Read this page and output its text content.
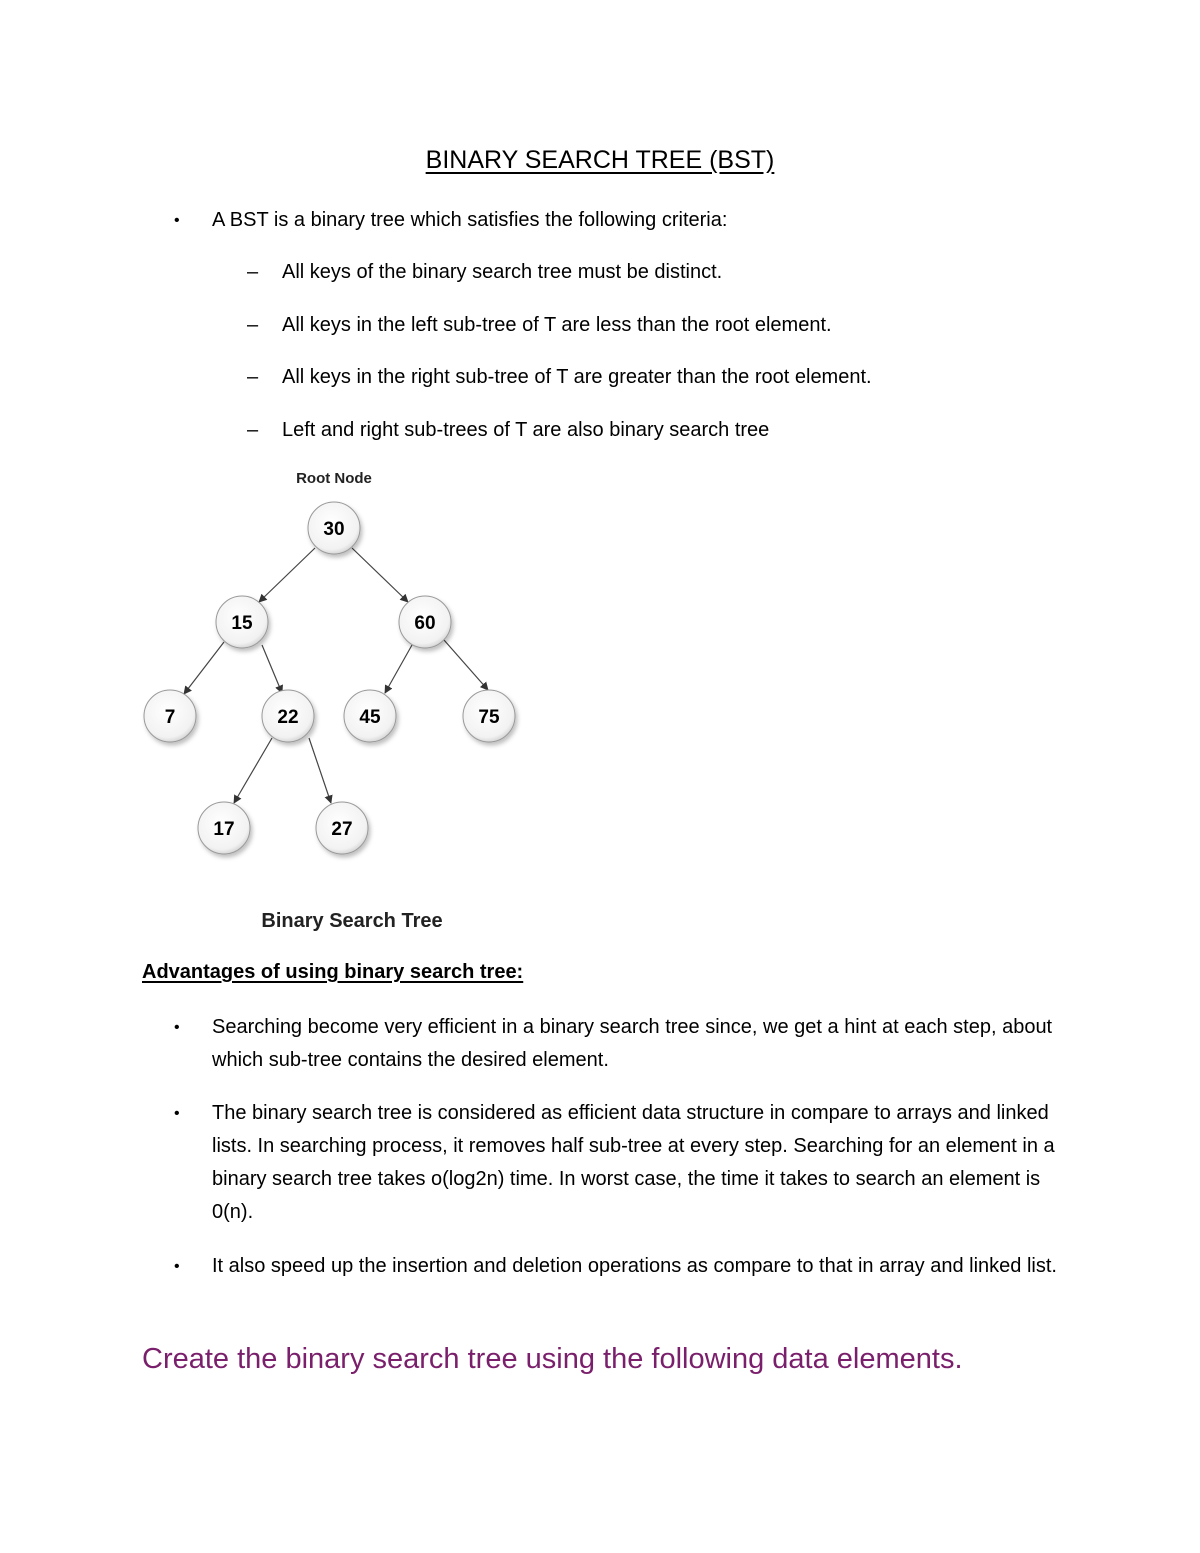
BINARY SEARCH TREE (BST)
• A BST is a binary tree which satisfies the following criteria:
– All keys of the binary search tree must be distinct.
– All keys in the left sub-tree of T are less than the root element.
– All keys in the right sub-tree of T are greater than the root element.
– Left and right sub-trees of T are also binary search tree
Root Node
30
15	60
7	22	45	75
17	27
Binary Search Tree
Advantages of using binary search tree:
• Searching become very efficient in a binary search tree since, we get a hint at each step, about which sub-tree contains the desired element.
• The binary search tree is considered as efficient data structure in compare to arrays and linked lists. In searching process, it removes half sub-tree at every step. Searching for an element in a binary search tree takes o(log2n) time. In worst case, the time it takes to search an element is 0(n).
• It also speed up the insertion and deletion operations as compare to that in array and linked list.
Create the binary search tree using the following data elements.
